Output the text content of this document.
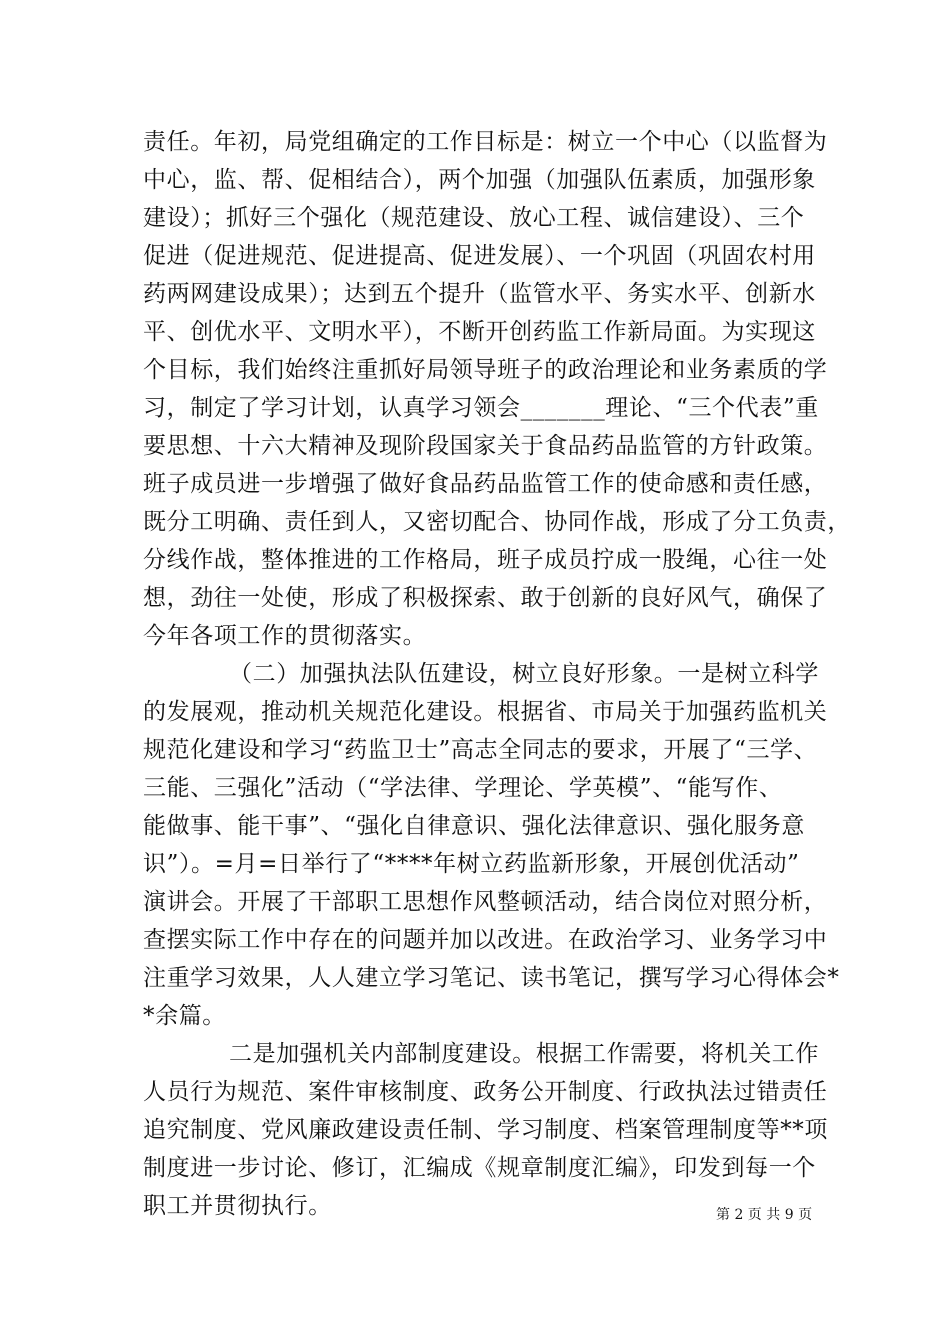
责任。年初，局党组确定的工作目标是：树立一个中心（以监督为
中心，监、帮、促相结合），两个加强（加强队伍素质，加强形象
建设）；抓好三个强化（规范建设、放心工程、诚信建设）、三个
促进（促进规范、促进提高、促进发展）、一个巩固（巩固农村用
药两网建设成果）；达到五个提升（监管水平、务实水平、创新水
平、创优水平、文明水平），不断开创药监工作新局面。为实现这
个目标，我们始终注重抓好局领导班子的政治理论和业务素质的学
习，制定了学习计划，认真学习领会_______理论、“三个代表”重
要思想、十六大精神及现阶段国家关于食品药品监管的方针政策。
班子成员进一步增强了做好食品药品监管工作的使命感和责任感，
既分工明确、责任到人，又密切配合、协同作战，形成了分工负责，
分线作战，整体推进的工作格局，班子成员拧成一股绳，心往一处
想，劲往一处使，形成了积极探索、敢于创新的良好风气，确保了
今年各项工作的贯彻落实。
（二）加强执法队伍建设，树立良好形象。一是树立科学
的发展观，推动机关规范化建设。根据省、市局关于加强药监机关
规范化建设和学习“药监卫士”高志全同志的要求，开展了“三学、
三能、三强化”活动（“学法律、学理论、学英模”、“能写作、
能做事、能干事”、“强化自律意识、强化法律意识、强化服务意
识”）。=月=日举行了“****年树立药监新形象，开展创优活动”
演讲会。开展了干部职工思想作风整顿活动，结合岗位对照分析，
查摆实际工作中存在的问题并加以改进。在政治学习、业务学习中
注重学习效果，人人建立学习笔记、读书笔记，撰写学习心得体会*
*余篇。
二是加强机关内部制度建设。根据工作需要，将机关工作
人员行为规范、案件审核制度、政务公开制度、行政执法过错责任
追究制度、党风廉政建设责任制、学习制度、档案管理制度等**项
制度进一步讨论、修订，汇编成《规章制度汇编》，印发到每一个
职工并贯彻执行。	第 2 页 共 9 页
